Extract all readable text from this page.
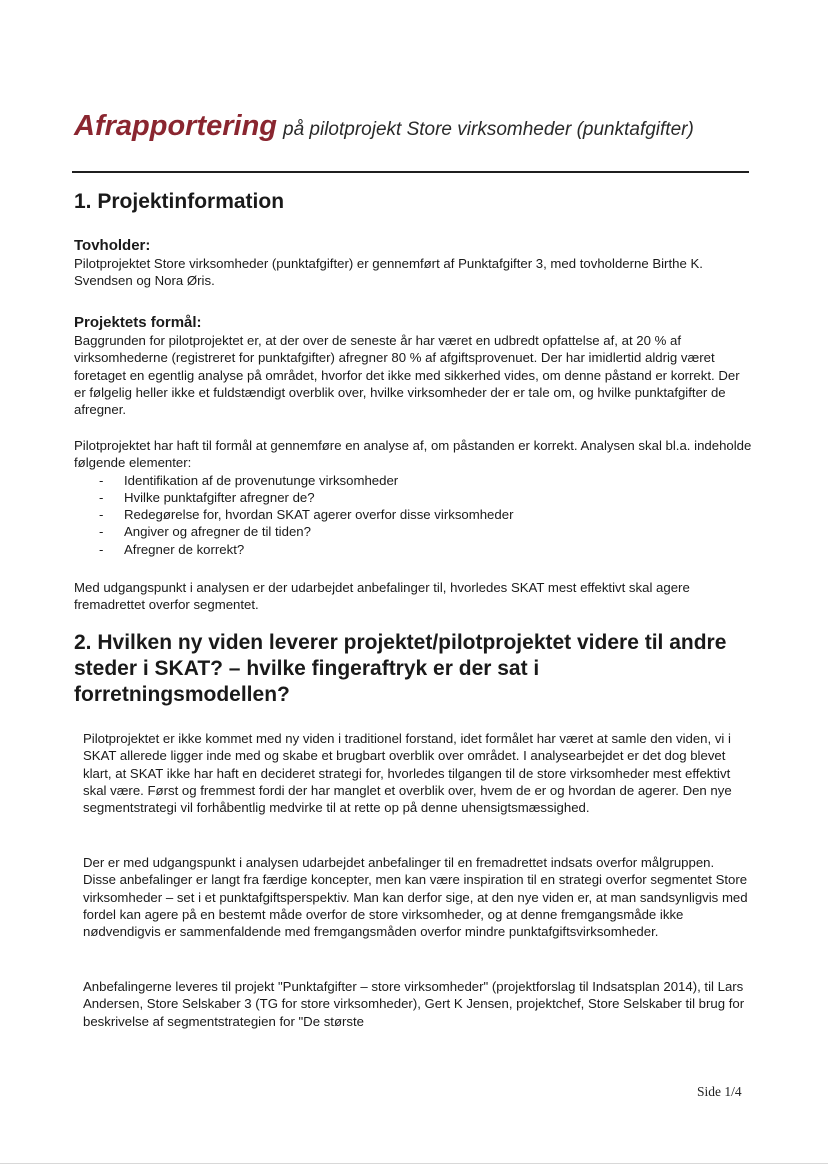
Afrapportering på pilotprojekt Store virksomheder (punktafgifter)
1. Projektinformation
Tovholder:

Pilotprojektet Store virksomheder (punktafgifter) er gennemført af Punktafgifter 3, med tovholderne Birthe K. Svendsen og Nora Øris.

Projektets formål:

Baggrunden for pilotprojektet er, at der over de seneste år har været en udbredt opfattelse af, at 20 % af virksomhederne (registreret for punktafgifter) afregner 80 % af afgiftsprovenuet. Der har imidlertid aldrig været foretaget en egentlig analyse på området, hvorfor det ikke med sikkerhed vides, om denne påstand er korrekt. Der er følgelig heller ikke et fuldstændigt overblik over, hvilke virksomheder der er tale om, og hvilke punktafgifter de afregner.

Pilotprojektet har haft til formål at gennemføre en analyse af, om påstanden er korrekt. Analysen skal bl.a. indeholde følgende elementer:

- Identifikation af de provenutunge virksomheder
- Hvilke punktafgifter afregner de?
- Redegørelse for, hvordan SKAT agerer overfor disse virksomheder
- Angiver og afregner de til tiden?
- Afregner de korrekt?

Med udgangspunkt i analysen er der udarbejdet anbefalinger til, hvorledes SKAT mest effektivt skal agere fremadrettet overfor segmentet.

2. Hvilken ny viden leverer projektet/pilotprojektet videre til andre steder i SKAT? – hvilke fingeraftryk er der sat i forretningsmodellen?

Pilotprojektet er ikke kommet med ny viden i traditionel forstand, idet formålet har været at samle den viden, vi i SKAT allerede ligger inde med og skabe et brugbart overblik over området. I analysearbejdet er det dog blevet klart, at SKAT ikke har haft en decideret strategi for, hvorledes tilgangen til de store virksomheder mest effektivt skal være. Først og fremmest fordi der har manglet et overblik over, hvem de er og hvordan de agerer. Den nye segmentstrategi vil forhåbentlig medvirke til at rette op på denne uhensigtsmæssighed.

Der er med udgangspunkt i analysen udarbejdet anbefalinger til en fremadrettet indsats overfor målgruppen. Disse anbefalinger er langt fra færdige koncepter, men kan være inspiration til en strategi overfor segmentet Store virksomheder – set i et punktafgiftsperspektiv. Man kan derfor sige, at den nye viden er, at man sandsynligvis med fordel kan agere på en bestemt måde overfor de store virksomheder, og at denne fremgangsmåde ikke nødvendigvis er sammenfaldende med fremgangsmåden overfor mindre punktafgiftsvirksomheder.

Anbefalingerne leveres til projekt "Punktafgifter – store virksomheder" (projektforslag til Indsatsplan 2014), til Lars Andersen, Store Selskaber 3 (TG for store virksomheder), Gert K Jensen, projektchef, Store Selskaber til brug for beskrivelse af segmentstrategien for "De største

Side 1/4
